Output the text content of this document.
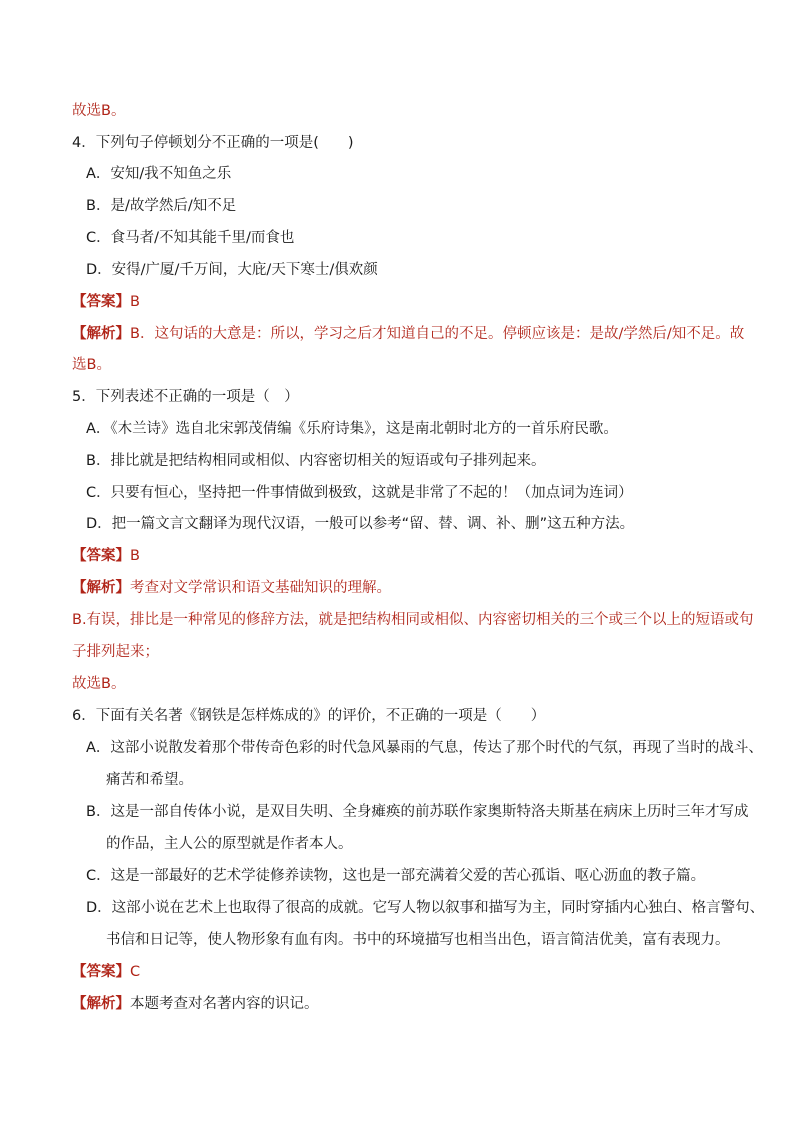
故选B。
4．下列句子停顿划分不正确的一项是(　　)
A．安知/我不知鱼之乐
B．是/故学然后/知不足
C．食马者/不知其能千里/而食也
D．安得/广厦/千万间，大庇/天下寒士/俱欢颜
【答案】B
【解析】B．这句话的大意是：所以，学习之后才知道自己的不足。停顿应该是：是故/学然后/知不足。故
选B。
5．下列表述不正确的一项是（　）
A．《木兰诗》选自北宋郭茂倩编《乐府诗集》，这是南北朝时北方的一首乐府民歌。
B．排比就是把结构相同或相似、内容密切相关的短语或句子排列起来。
C．只要有恒心，坚持把一件事情做到极致，这就是非常了不起的！（加点词为连词）
D．把一篇文言文翻译为现代汉语，一般可以参考“留、替、调、补、删”这五种方法。
【答案】B
【解析】考查对文学常识和语文基础知识的理解。
B.有误，排比是一种常见的修辞方法，就是把结构相同或相似、内容密切相关的三个或三个以上的短语或句
子排列起来；
故选B。
6．下面有关名著《钢铁是怎样炼成的》的评价，不正确的一项是（　　）
A．这部小说散发着那个带传奇色彩的时代急风暴雨的气息，传达了那个时代的气氛，再现了当时的战斗、
痛苦和希望。
B．这是一部自传体小说，是双目失明、全身瘫痪的前苏联作家奥斯特洛夫斯基在病床上历时三年才写成
的作品，主人公的原型就是作者本人。
C．这是一部最好的艺术学徒修养读物，这也是一部充满着父爱的苦心孤诣、呕心沥血的教子篇。
D．这部小说在艺术上也取得了很高的成就。它写人物以叙事和描写为主，同时穿插内心独白、格言警句、
书信和日记等，使人物形象有血有肉。书中的环境描写也相当出色，语言简洁优美，富有表现力。
【答案】C
【解析】本题考查对名著内容的识记。
